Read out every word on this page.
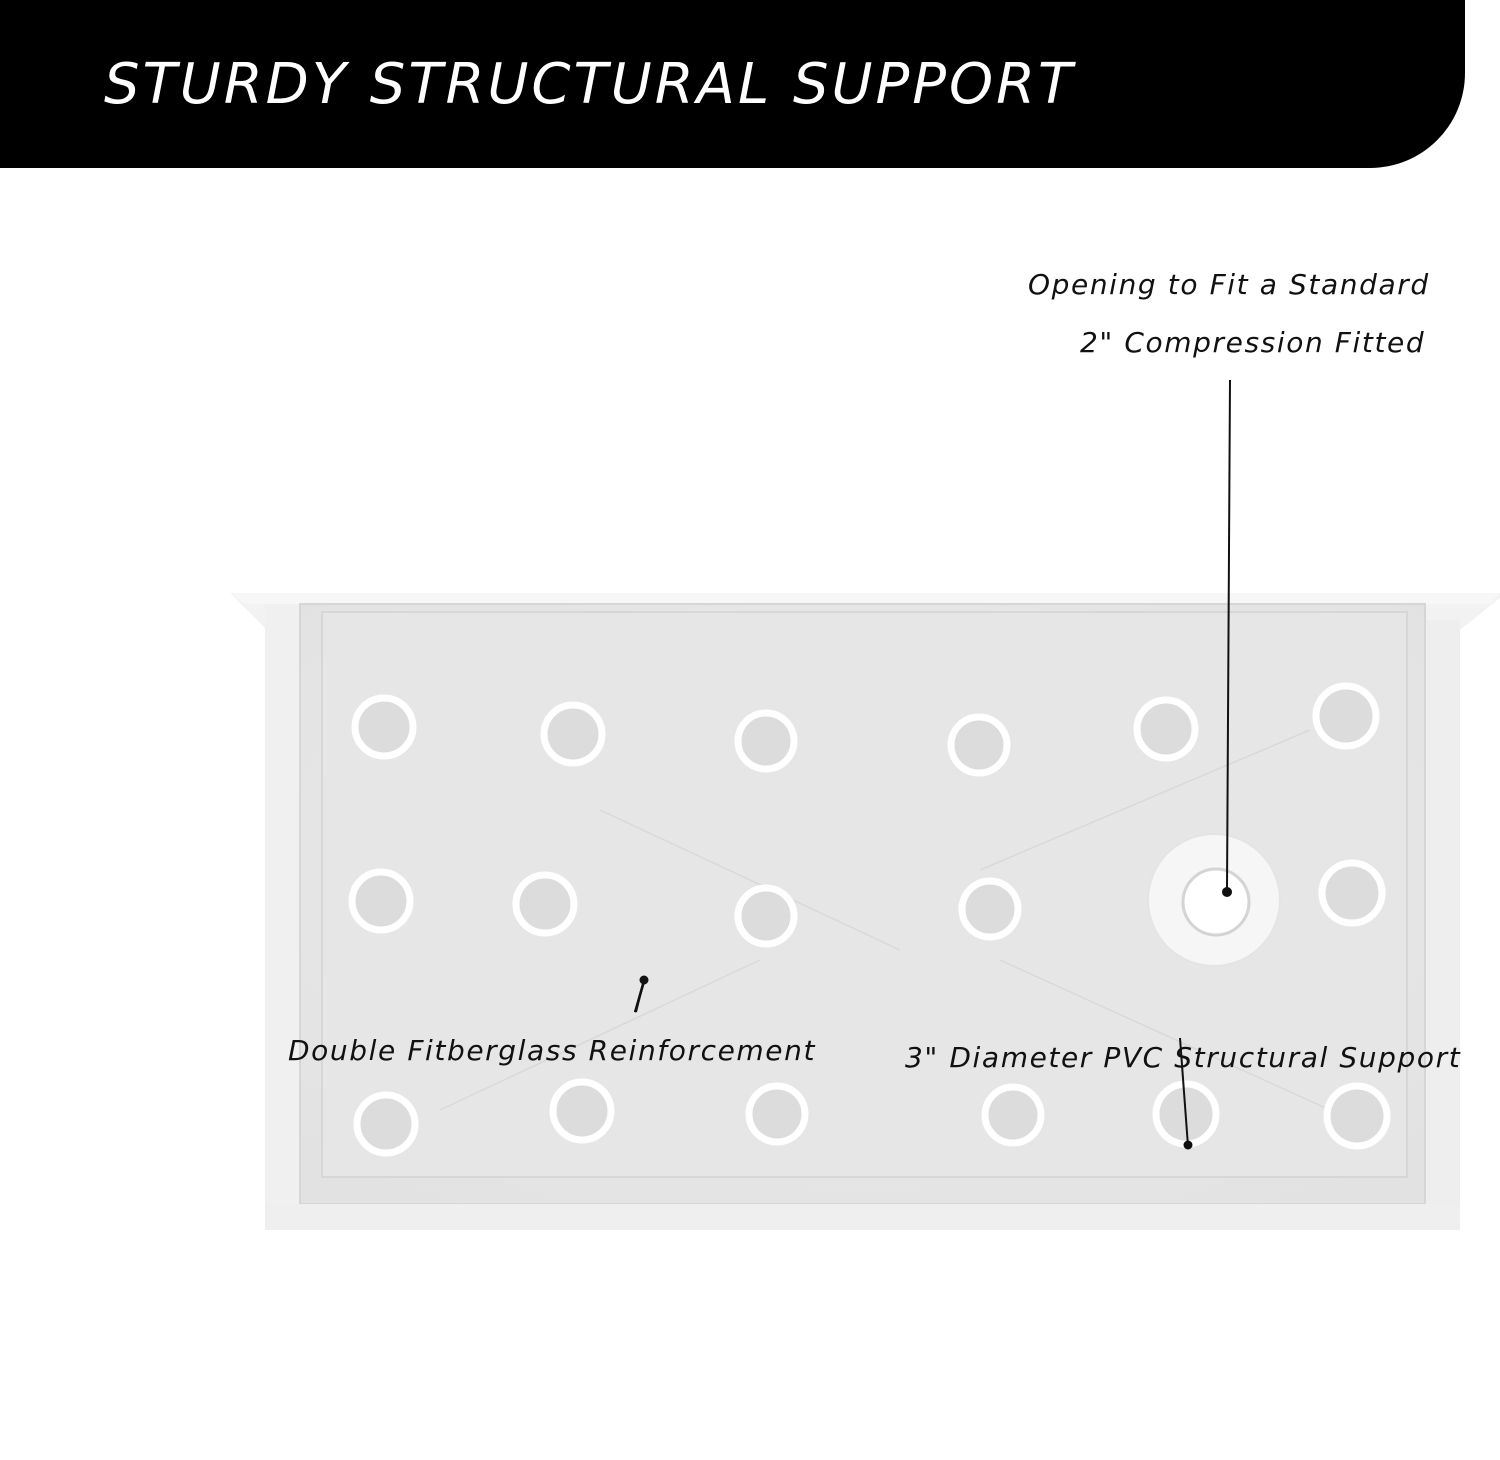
STURDY STRUCTURAL SUPPORT
Opening to Fit a Standard
2" Compression Fitted
Double Fitberglass Reinforcement	3" Diameter PVC Structural Support
